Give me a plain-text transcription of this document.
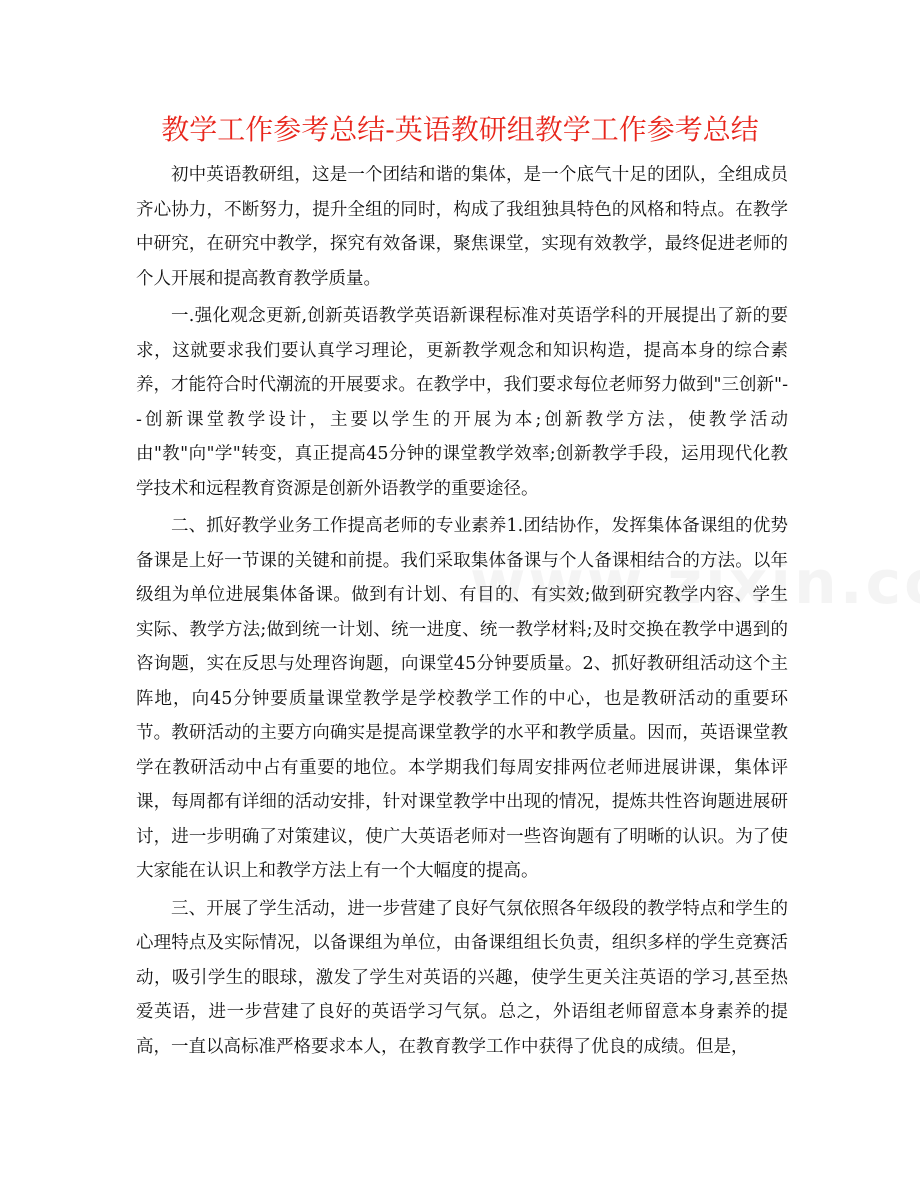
教学工作参考总结-英语教研组教学工作参考总结

初中英语教研组，这是一个团结和谐的集体，是一个底气十足的团队，全组成员齐心协力，不断努力，提升全组的同时，构成了我组独具特色的风格和特点。在教学中研究，在研究中教学，探究有效备课，聚焦课堂，实现有效教学，最终促进老师的个人开展和提高教育教学质量。

一.强化观念更新,创新英语教学英语新课程标准对英语学科的开展提出了新的要求，这就要求我们要认真学习理论，更新教学观念和知识构造，提高本身的综合素养，才能符合时代潮流的开展要求。在教学中，我们要求每位老师努力做到"三创新"--创新课堂教学设计，主要以学生的开展为本;创新教学方法，使教学活动由"教"向"学"转变，真正提高45分钟的课堂教学效率;创新教学手段，运用现代化教学技术和远程教育资源是创新外语教学的重要途径。

二、抓好教学业务工作提高老师的专业素养1.团结协作，发挥集体备课组的优势备课是上好一节课的关键和前提。我们采取集体备课与个人备课相结合的方法。以年级组为单位进展集体备课。做到有计划、有目的、有实效;做到研究教学内容、学生实际、教学方法;做到统一计划、统一进度、统一教学材料;及时交换在教学中遇到的咨询题，实在反思与处理咨询题，向课堂45分钟要质量。2、抓好教研组活动这个主阵地，向45分钟要质量课堂教学是学校教学工作的中心，也是教研活动的重要环节。教研活动的主要方向确实是提高课堂教学的水平和教学质量。因而，英语课堂教学在教研活动中占有重要的地位。本学期我们每周安排两位老师进展讲课，集体评课，每周都有详细的活动安排，针对课堂教学中出现的情况，提炼共性咨询题进展研讨，进一步明确了对策建议，使广大英语老师对一些咨询题有了明晰的认识。为了使大家能在认识上和教学方法上有一个大幅度的提高。

三、开展了学生活动，进一步营建了良好气氛依照各年级段的教学特点和学生的心理特点及实际情况，以备课组为单位，由备课组组长负责，组织多样的学生竞赛活动，吸引学生的眼球，激发了学生对英语的兴趣，使学生更关注英语的学习,甚至热爱英语，进一步营建了良好的英语学习气氛。总之，外语组老师留意本身素养的提高，一直以高标准严格要求本人，在教育教学工作中获得了优良的成绩。但是，
